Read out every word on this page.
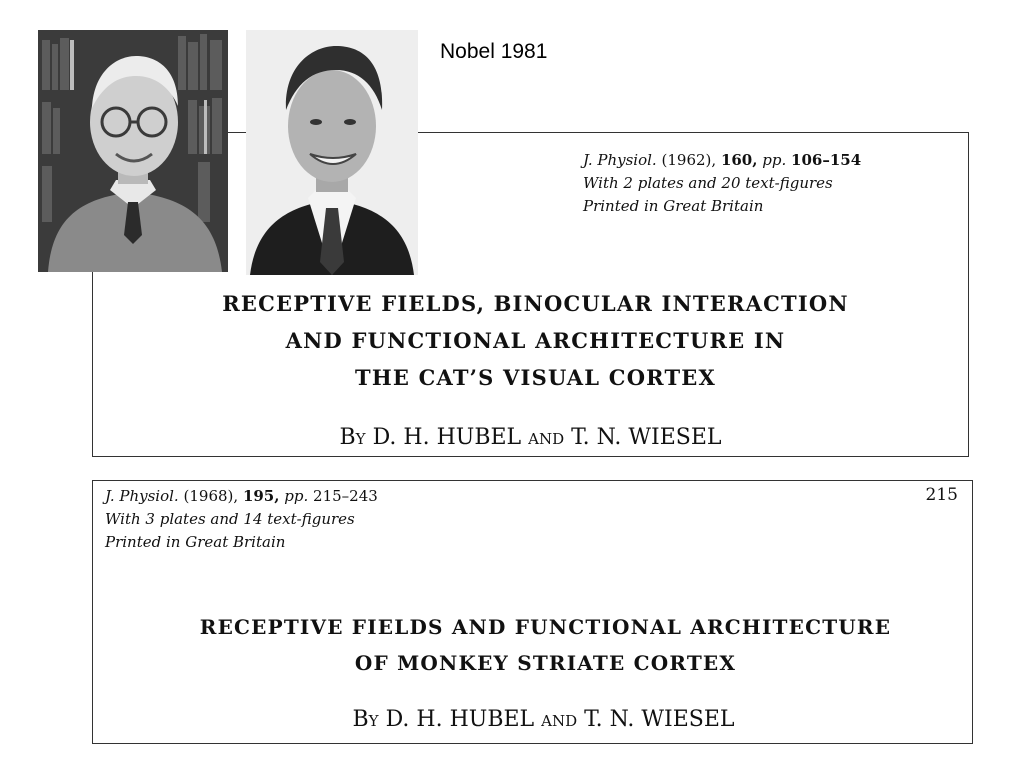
Nobel 1981
J. Physiol. (1962), 160, pp. 106–154
With 2 plates and 20 text-figures
Printed in Great Britain
RECEPTIVE FIELDS, BINOCULAR INTERACTION
AND FUNCTIONAL ARCHITECTURE IN
THE CAT’S VISUAL CORTEX
BY D. H. HUBEL AND T. N. WIESEL
J. Physiol. (1968), 195, pp. 215–243
With 3 plates and 14 text-figures
Printed in Great Britain
215
RECEPTIVE FIELDS AND FUNCTIONAL ARCHITECTURE
OF MONKEY STRIATE CORTEX
BY D. H. HUBEL AND T. N. WIESEL
